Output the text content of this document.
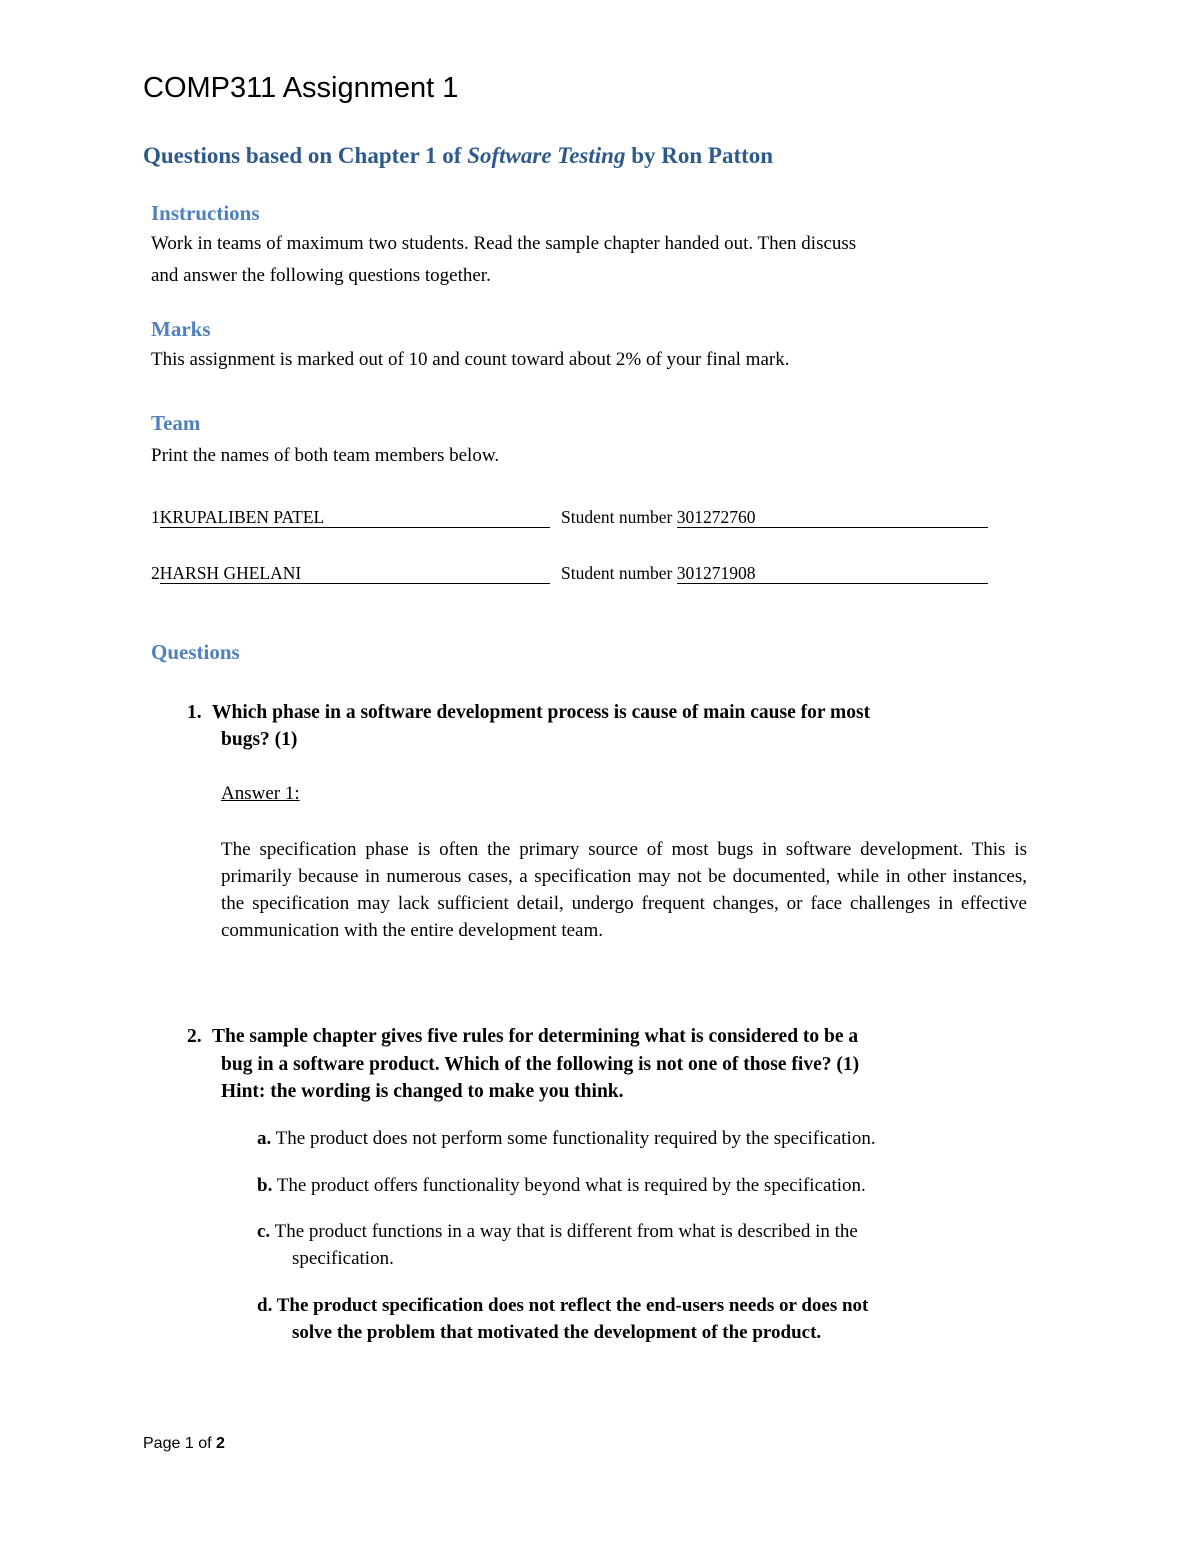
COMP311 Assignment 1
Questions based on Chapter 1 of Software Testing by Ron Patton
Instructions
Work in teams of maximum two students. Read the sample chapter handed out. Then discuss
and answer the following questions together.
Marks
This assignment is marked out of 10 and count toward about 2% of your final mark.
Team
Print the names of both team members below.
1KRUPALIBEN PATEL	Student number 301272760
2HARSH GHELANI	Student number 301271908
Questions
1. Which phase in a software development process is cause of main cause for most
bugs? (1)
Answer 1:
The specification phase is often the primary source of most bugs in software development. This is primarily because in numerous cases, a specification may not be documented, while in other instances, the specification may lack sufficient detail, undergo frequent changes, or face challenges in effective communication with the entire development team.
2. The sample chapter gives five rules for determining what is considered to be a
bug in a software product. Which of the following is not one of those five? (1)
Hint: the wording is changed to make you think.
a. The product does not perform some functionality required by the specification.
b. The product offers functionality beyond what is required by the specification.
c. The product functions in a way that is different from what is described in the
specification.
d. The product specification does not reflect the end-users needs or does not
solve the problem that motivated the development of the product.
Page 1 of 2
